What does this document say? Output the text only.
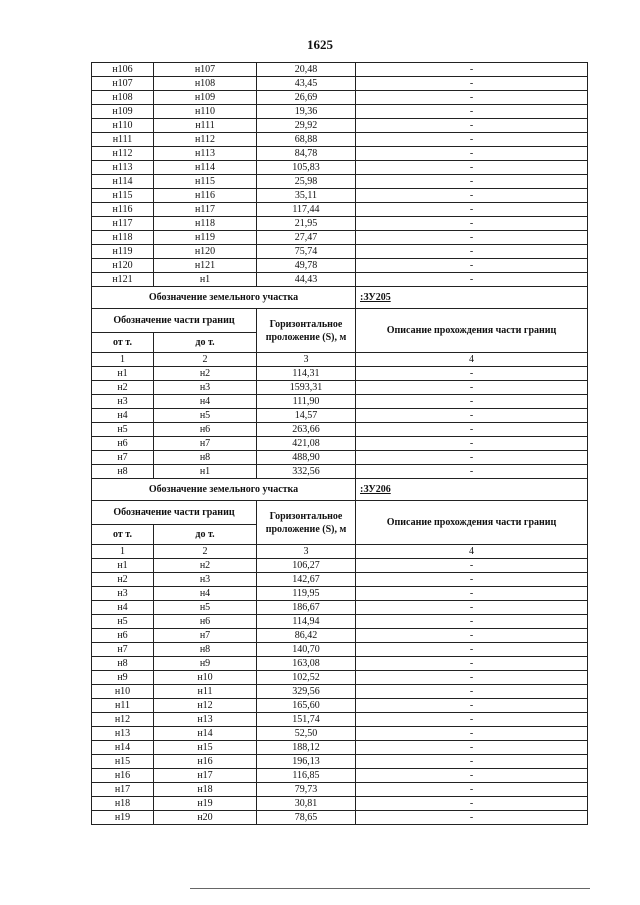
1625
н106	н107	20,48	-
н107	н108	43,45	-
н108	н109	26,69	-
н109	н110	19,36	-
н110	н111	29,92	-
н111	н112	68,88	-
н112	н113	84,78	-
н113	н114	105,83	-
н114	н115	25,98	-
н115	н116	35,11	-
н116	н117	117,44	-
н117	н118	21,95	-
н118	н119	27,47	-
н119	н120	75,74	-
н120	н121	49,78	-
н121	н1	44,43	-
Обозначение земельного участка			:ЗУ205
Обозначение части границ		Горизонтальное проложение (S), м	Описание прохождения части границ
от т.	до т.		
1	2	3	4
н1	н2	114,31	-
н2	н3	1593,31	-
н3	н4	111,90	-
н4	н5	14,57	-
н5	н6	263,66	-
н6	н7	421,08	-
н7	н8	488,90	-
н8	н1	332,56	-
Обозначение земельного участка			:ЗУ206
Обозначение части границ		Горизонтальное проложение (S), м	Описание прохождения части границ
от т.	до т.		
1	2	3	4
н1	н2	106,27	-
н2	н3	142,67	-
н3	н4	119,95	-
н4	н5	186,67	-
н5	н6	114,94	-
н6	н7	86,42	-
н7	н8	140,70	-
н8	н9	163,08	-
н9	н10	102,52	-
н10	н11	329,56	-
н11	н12	165,60	-
н12	н13	151,74	-
н13	н14	52,50	-
н14	н15	188,12	-
н15	н16	196,13	-
н16	н17	116,85	-
н17	н18	79,73	-
н18	н19	30,81	-
н19	н20	78,65	-
